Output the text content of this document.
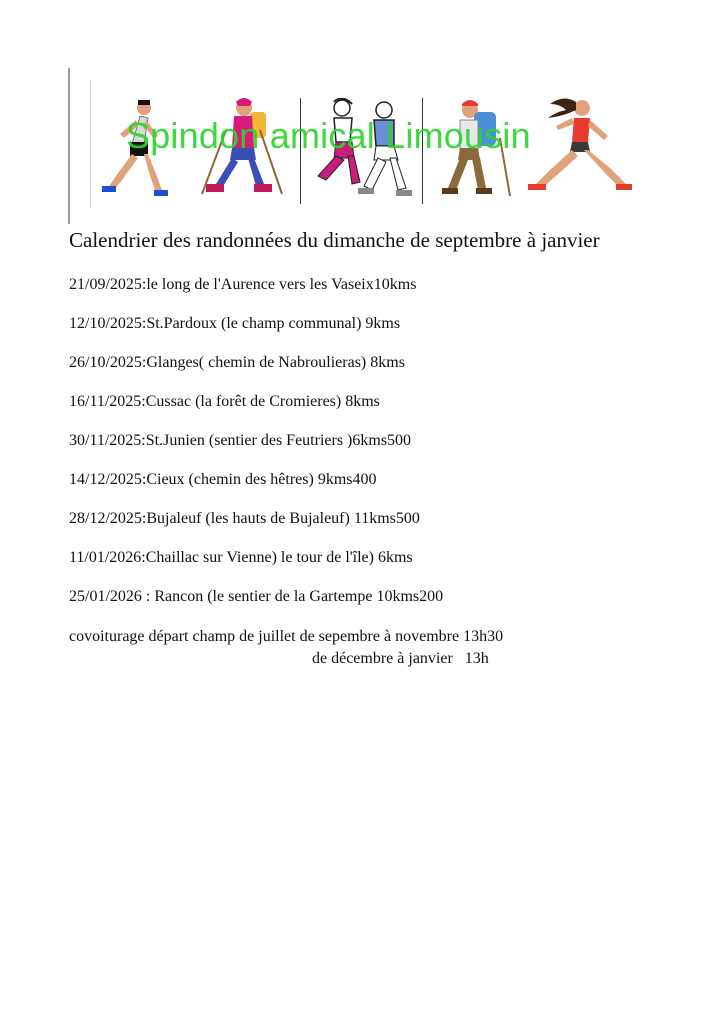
Spindon amical Limousin
Calendrier des randonnées du dimanche de septembre à janvier
21/09/2025:le long de l'Aurence vers les Vaseix10kms
12/10/2025:St.Pardoux (le champ communal) 9kms
26/10/2025:Glanges( chemin de Nabroulieras) 8kms
16/11/2025:Cussac (la forêt de Cromieres) 8kms
30/11/2025:St.Junien (sentier des Feutriers )6kms500
14/12/2025:Cieux (chemin des hêtres) 9kms400
28/12/2025:Bujaleuf (les hauts de Bujaleuf) 11kms500
11/01/2026:Chaillac sur Vienne) le tour de l'île) 6kms
25/01/2026 : Rancon (le sentier de la Gartempe 10kms200
covoiturage départ champ de juillet de sepembre à novembre 13h30
de décembre à janvier   13h
